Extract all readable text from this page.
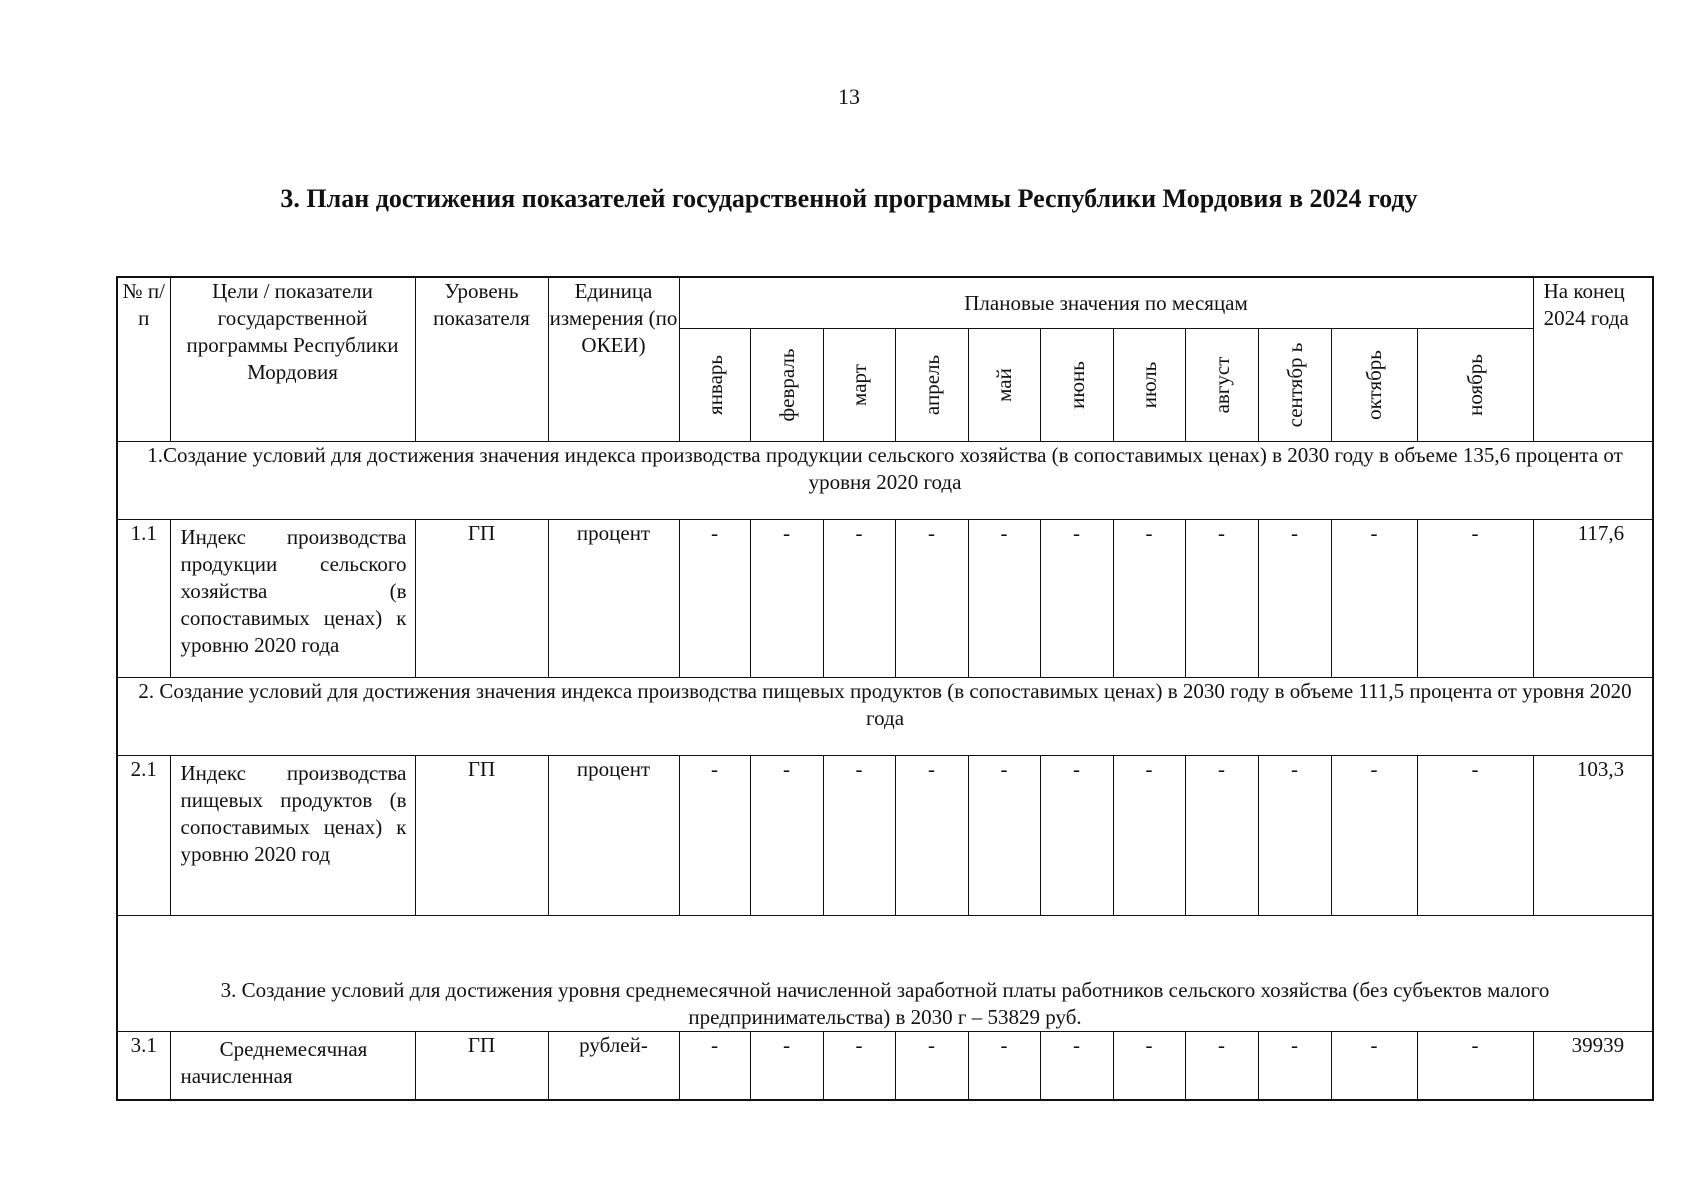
13
3. План достижения показателей государственной программы Республики Мордовия в 2024 году
№ п/п	Цели / показатели государственной программы Республики Мордовия	Уровень показателя	Единица измерения (по ОКЕИ)	Плановые значения по месяцам											На конец 2024 года

				январь	февраль	март	апрель	май	июнь	июль	август	сентябр ь	октябрь	ноябрь	

1.Создание условий для достижения значения индекса производства продукции сельского хозяйства (в сопоставимых ценах) в 2030 году в объеме 135,6 процента от уровня 2020 года															
1.1	Индекс производства продукции сельского хозяйства (в сопоставимых ценах) к уровню 2020 года	ГП	процент	-	-	-	-	-	-	-	-	-	-	-	117,6
2. Создание условий для достижения значения индекса производства пищевых продуктов (в сопоставимых ценах) в 2030 году в объеме 111,5 процента от уровня 2020 года															
2.1	Индекс производства пищевых продуктов (в сопоставимых ценах) к уровню 2020 год	ГП	процент	-	-	-	-	-	-	-	-	-	-	-	103,3
3. Создание условий для достижения уровня среднемесячной начисленной заработной платы работников сельского хозяйства (без субъектов малого предпринимательства) в 2030 г – 53829 руб.															
3.1	Среднемесячная начисленная	ГП	рублей-	-	-	-	-	-	-	-	-	-	-	-	39939
